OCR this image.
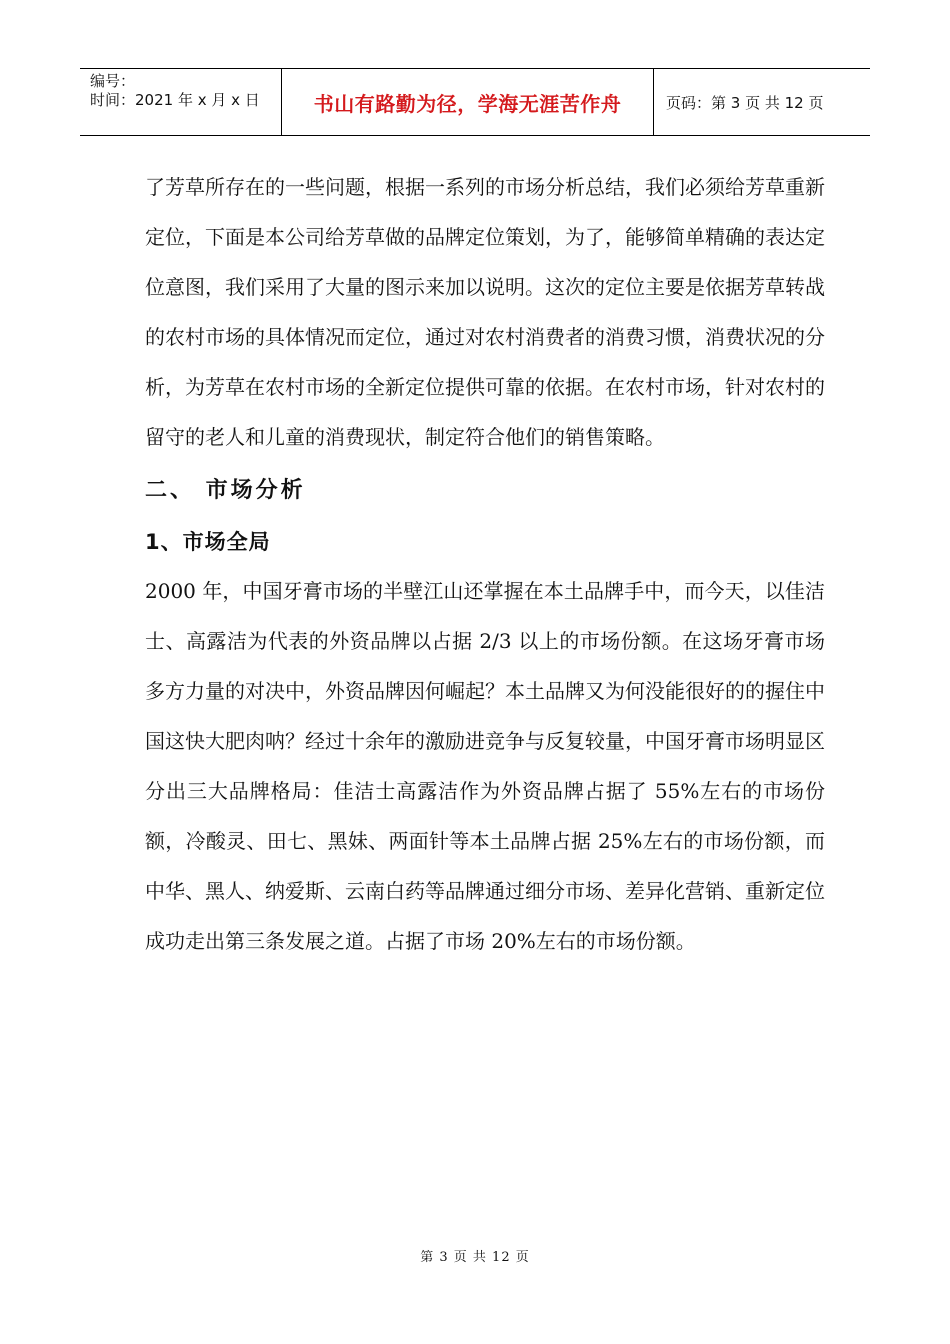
编号：
时间：2021 年 x 月 x 日	书山有路勤为径，学海无涯苦作舟	页码：第 3 页 共 12 页

了芳草所存在的一些问题，根据一系列的市场分析总结，我们必须给芳草重新定位，下面是本公司给芳草做的品牌定位策划，为了，能够简单精确的表达定位意图，我们采用了大量的图示来加以说明。这次的定位主要是依据芳草转战的农村市场的具体情况而定位，通过对农村消费者的消费习惯，消费状况的分析，为芳草在农村市场的全新定位提供可靠的依据。在农村市场，针对农村的留守的老人和儿童的消费现状，制定符合他们的销售策略。

二、 市场分析
1、市场全局

2000 年，中国牙膏市场的半壁江山还掌握在本土品牌手中，而今天，以佳洁士、高露洁为代表的外资品牌以占据 2/3 以上的市场份额。在这场牙膏市场多方力量的对决中，外资品牌因何崛起？本土品牌又为何没能很好的的握住中国这快大肥肉呐？经过十余年的激励进竞争与反复较量，中国牙膏市场明显区分出三大品牌格局：佳洁士高露洁作为外资品牌占据了 55%左右的市场份额，冷酸灵、田七、黑妹、两面针等本土品牌占据 25%左右的市场份额，而中华、黑人、纳爱斯、云南白药等品牌通过细分市场、差异化营销、重新定位成功走出第三条发展之道。占据了市场 20%左右的市场份额。

第 3 页 共 12 页
